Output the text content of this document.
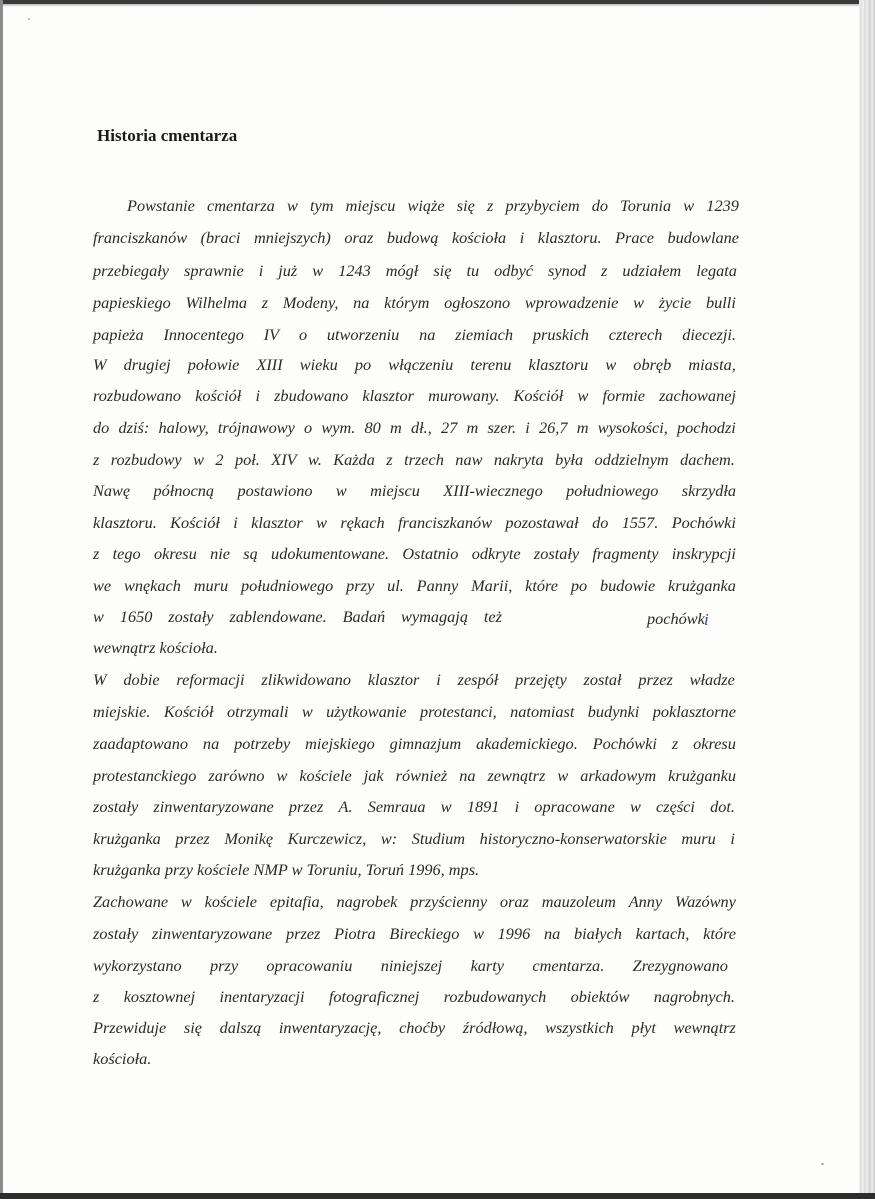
Historia cmentarza
Powstanie cmentarza w tym miejscu wiąże się z przybyciem do Torunia w 1239
franciszkanów (braci mniejszych) oraz budową kościoła i klasztoru. Prace budowlane
przebiegały sprawnie i już w 1243 mógł się tu odbyć synod z udziałem legata
papieskiego Wilhelma z Modeny, na którym ogłoszono wprowadzenie w życie bulli
papieża Innocentego IV o utworzeniu na ziemiach pruskich czterech diecezji.
W drugiej połowie XIII wieku po włączeniu terenu klasztoru w obręb miasta,
rozbudowano kościół i zbudowano klasztor murowany. Kościół w formie zachowanej
do dziś: halowy, trójnawowy o wym. 80 m dł., 27 m szer. i 26,7 m wysokości, pochodzi
z rozbudowy w 2 poł. XIV w. Każda z trzech naw nakryta była oddzielnym dachem.
Nawę północną postawiono w miejscu XIII-wiecznego południowego skrzydła
klasztoru. Kościół i klasztor w rękach franciszkanów pozostawał do 1557. Pochówki
z tego okresu nie są udokumentowane. Ostatnio odkryte zostały fragmenty inskrypcji
we wnękach muru południowego przy ul. Panny Marii, które po budowie krużganka
w 1650 zostały zablendowane. Badań wymagają też	pochówk i
wewnątrz kościoła.
W dobie reformacji zlikwidowano klasztor i zespół przejęty został przez władze
miejskie. Kościół otrzymali w użytkowanie protestanci, natomiast budynki poklasztorne
zaadaptowano na potrzeby miejskiego gimnazjum akademickiego. Pochówki z okresu
protestanckiego zarówno w kościele jak również na zewnątrz w arkadowym krużganku
zostały zinwentaryzowane przez A. Semraua w 1891 i opracowane w części dot.
krużganka przez Monikę Kurczewicz, w: Studium historyczno-konserwatorskie muru i
krużganka przy kościele NMP w Toruniu, Toruń 1996, mps.
Zachowane w kościele epitafia, nagrobek przyścienny oraz mauzoleum Anny Wazówny
zostały zinwentaryzowane przez Piotra Bireckiego w 1996 na białych kartach, które
wykorzystano przy opracowaniu niniejszej karty cmentarza. Zrezygnowano
z kosztownej inentaryzacji fotograficznej rozbudowanych obiektów nagrobnych.
Przewiduje się dalszą inwentaryzację, choćby źródłową, wszystkich płyt wewnątrz
kościoła.
